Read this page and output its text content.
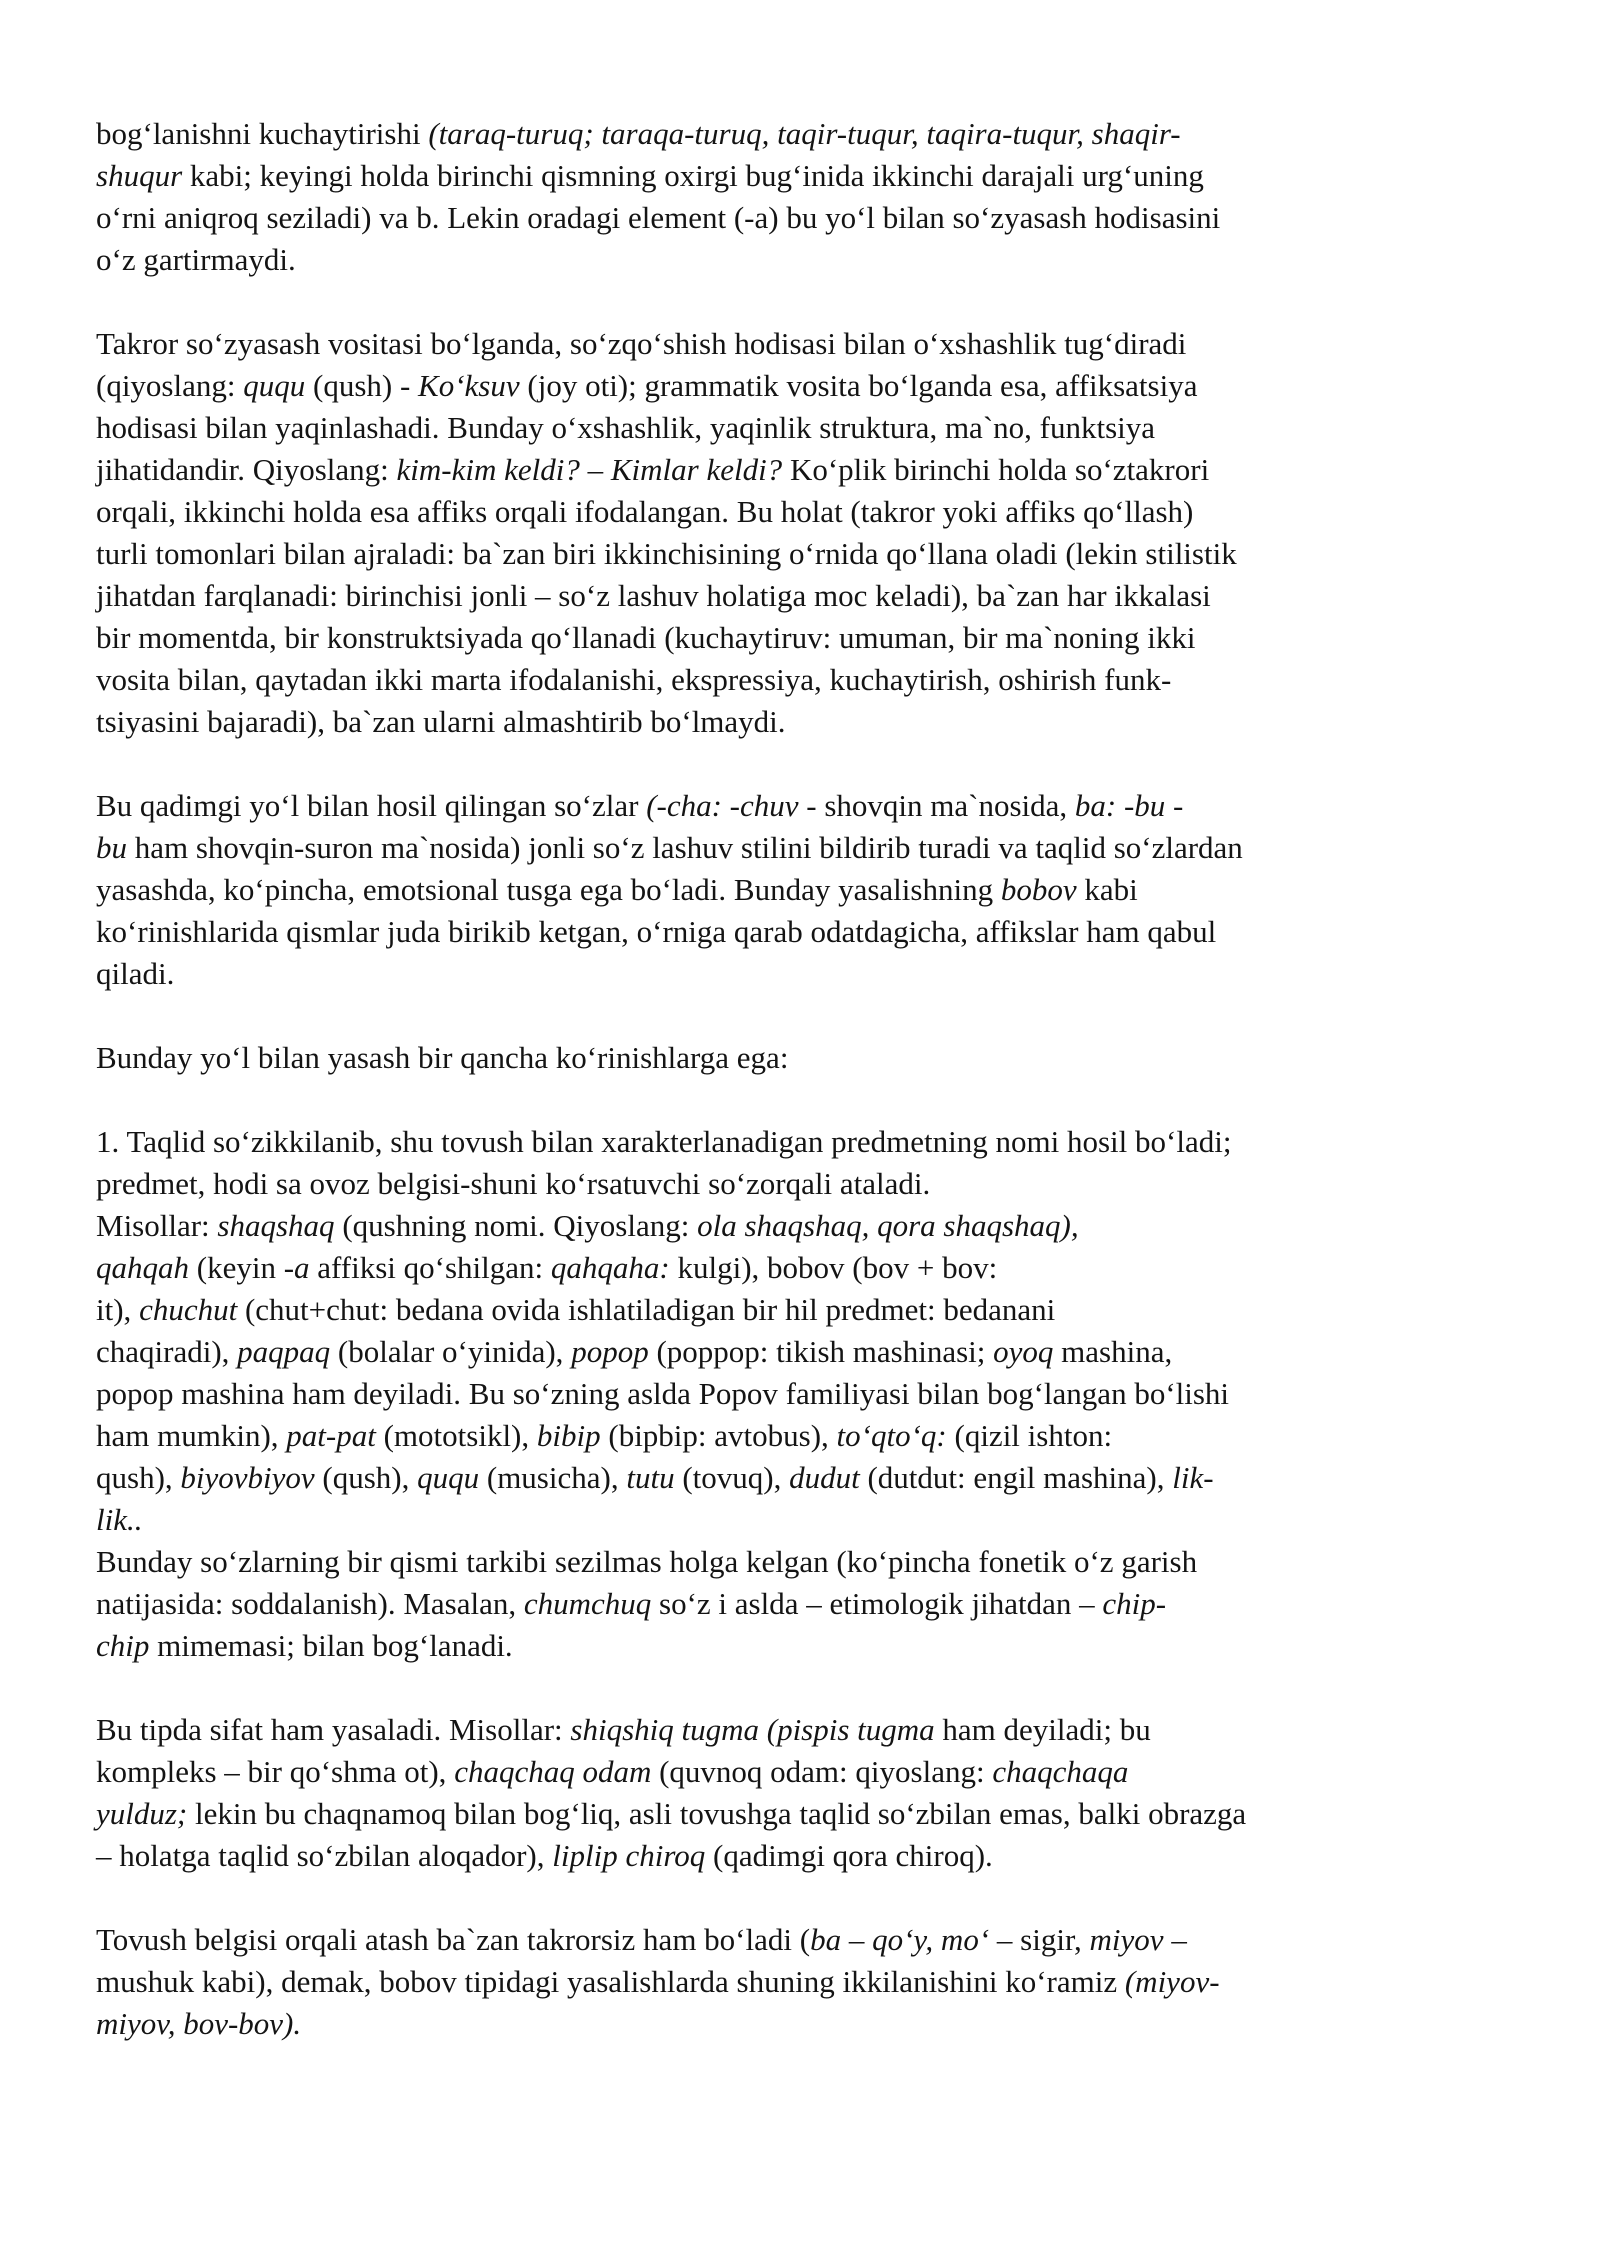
bog‘lanishni kuchaytirishi (taraq-turuq; taraqa-turuq, taqir-tuqur, taqira-tuqur, shaqir-
shuqur kabi; keyingi holda birinchi qismning oxirgi bug‘inida ikkinchi darajali urg‘uning
o‘rni aniqroq seziladi) va b. Lekin oradagi element (-a) bu yo‘l bilan so‘zyasash hodisasini
o‘z gartirmaydi.

Takror so‘zyasash vositasi bo‘lganda, so‘zqo‘shish hodisasi bilan o‘xshashlik tug‘diradi
(qiyoslang: ququ (qush) - Ko‘ksuv (joy oti); grammatik vosita bo‘lganda esa, affiksatsiya
hodisasi bilan yaqinlashadi. Bunday o‘xshashlik, yaqinlik struktura, ma`no, funktsiya
jihatidandir. Qiyoslang: kim-kim keldi? – Kimlar keldi? Ko‘plik birinchi holda so‘ztakrori
orqali, ikkinchi holda esa affiks orqali ifodalangan. Bu holat (takror yoki affiks qo‘llash)
turli tomonlari bilan ajraladi: ba`zan biri ikkinchisining o‘rnida qo‘llana oladi (lekin stilistik
jihatdan farqlanadi: birinchisi jonli – so‘z lashuv holatiga moc keladi), ba`zan har ikkalasi
bir momentda, bir konstruktsiyada qo‘llanadi (kuchaytiruv: umuman, bir ma`noning ikki
vosita bilan, qaytadan ikki marta ifodalanishi, ekspressiya, kuchaytirish, oshirish funk-
tsiyasini bajaradi), ba`zan ularni almashtirib bo‘lmaydi.

Bu qadimgi yo‘l bilan hosil qilingan so‘zlar (-cha: -chuv - shovqin ma`nosida, ba: -bu -
bu ham shovqin-suron ma`nosida) jonli so‘z lashuv stilini bildirib turadi va taqlid so‘zlardan
yasashda, ko‘pincha, emotsional tusga ega bo‘ladi. Bunday yasalishning bobov kabi
ko‘rinishlarida qismlar juda birikib ketgan, o‘rniga qarab odatdagicha, affikslar ham qabul
qiladi.

Bunday yo‘l bilan yasash bir qancha ko‘rinishlarga ega:

1. Taqlid so‘zikkilanib, shu tovush bilan xarakterlanadigan predmetning nomi hosil bo‘ladi;
predmet, hodi sa ovoz belgisi-shuni ko‘rsatuvchi so‘zorqali ataladi.

Misollar: shaqshaq (qushning nomi. Qiyoslang: ola shaqshaq, qora shaqshaq),
qahqah (keyin -a affiksi qo‘shilgan: qahqaha: kulgi), bobov (bov + bov:
it), chuchut (chut+chut: bedana ovida ishlatiladigan bir hil predmet: bedanani
chaqiradi), paqpaq (bolalar o‘yinida), popop (poppop: tikish mashinasi; oyoq mashina,
popop mashina ham deyiladi. Bu so‘zning aslda Popov familiyasi bilan bog‘langan bo‘lishi
ham mumkin), pat-pat (mototsikl), bibip (bipbip: avtobus), to‘qto‘q: (qizil ishton:
qush), biyovbiyov (qush), ququ (musicha), tutu (tovuq), dudut (dutdut: engil mashina), lik-
lik..

Bunday so‘zlarning bir qismi tarkibi sezilmas holga kelgan (ko‘pincha fonetik o‘z garish
natijasida: soddalanish). Masalan, chumchuq so‘z i aslda – etimologik jihatdan – chip-
chip mimemasi; bilan bog‘lanadi.

Bu tipda sifat ham yasaladi. Misollar: shiqshiq tugma (pispis tugma ham deyiladi; bu
kompleks – bir qo‘shma ot), chaqchaq odam (quvnoq odam: qiyoslang: chaqchaqa
yulduz; lekin bu chaqnamoq bilan bog‘liq, asli tovushga taqlid so‘zbilan emas, balki obrazga
– holatga taqlid so‘zbilan aloqador), liplip chiroq (qadimgi qora chiroq).

Tovush belgisi orqali atash ba`zan takrorsiz ham bo‘ladi (ba – qo‘y, mo‘ – sigir, miyov –
mushuk kabi), demak, bobov tipidagi yasalishlarda shuning ikkilanishini ko‘ramiz (miyov-
miyov, bov-bov).
